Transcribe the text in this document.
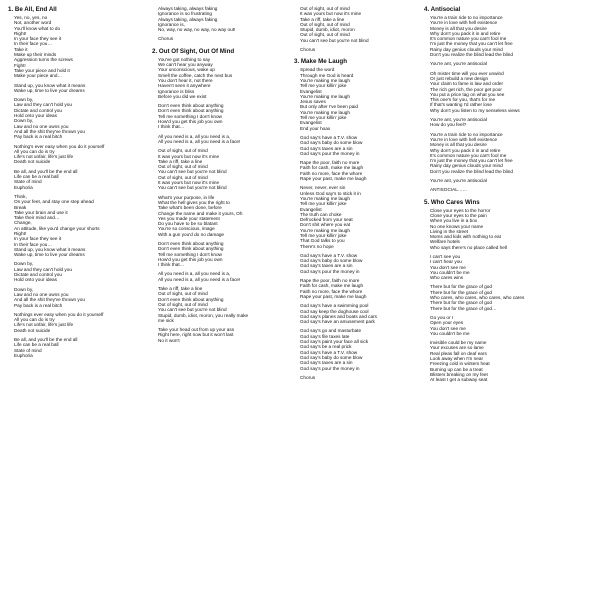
1. Be All, End All
Yes, no, yes, no
Not, another word
You'll know what to do
Right!
In your face they see it
In their face you…
Take it
Make up their minds
Aggression turns the screws
Fight!
Take your piece and hold it
Make your piece and…
Stand up, you know what it means
Wake up, time to live your dreams
Down by,
Law and they can't hold you
Dictate and control you
Hold onto your ideas
Down by,
Law and no one owns you
And all the shit they've thrown you
Pay back is a real bitch
Nothing's ever easy when you do it yourself
All you can do is try
Life's not unfair, life's just life
Death not suicide
Be all, and you'll be the end all
Life can be a real ball
State of mind
Euphoria
Think,
On your feet, and stay one step ahead
Break
Take your brain and use it
Take their mind and…
Change,
An attitude, like you'd change your shorts
Right!
In your face they see it
In their face you…
Stand up, you know what it means
Wake up, time to live your dreams
Down by,
Law and they can't hold you
Dictate and control you
Hold onto your ideas
Down by,
Law and no one owns you
And all the shit they've thrown you
Pay back is a real bitch
Nothings ever easy when you do it yourself
All you can do is try
Life's not unfair, life's just life
Death not suicide
Be all, and you'll be the end all
Life can be a real ball
State of mind
Euphoria
Always taking, always faking
Ignorance is so frustrating
Always taking, always faking
Ignorance is,
No, way, no way, no way, no way out!
Chorus
2. Out Of Sight, Out Of Mind
You've got nothing to say
We can't hear you anyway
Your unconscious, wake up
Smell the coffee, catch the next bus
You don't hear it, not there
Haven't seen it anywhere
Ignorance is bliss
Before you did we exist
Don't even think about anything
Don't even think about anything
Tell me something I don't know
How'd you get this job you own
I think that…
All you need is a, all you need is a,
All you need is a, all you need is a face!
Out of sight, out of mind
It was yours but now it's mine
Take a riff, take a line
Out of sight, out of mind
You can't see but you're not blind
Out of sight, out of mind
It was yours but now it's mine
You can't see but you're not blind
What's your purpose, in life
What the hell gives you the right to
Take what's been done, before
Change the name and make it yours, Oh
Yes you made your statement
Do you have to be so blatant
You're so conscious, image
With a gun you'd do no damage
Don't even think about anything
Don't even think about anything
Tell me something I don't know
How'd you get this job you own
I think that…
All you need is a, all you need is a,
All you need is a, all you need is a face!
Take a riff, take a line
Out of sight, out of mind
Don't even think about anything
Out of sight, out of mind
You can't see but you're not blind
Stupid, dumb, idiot, moron, you really make
me sick
Take your head out from up your ass
Right here, right now but it won't last
No it won't
Out of sight, out of mind
It was yours but now it's mine
Take a riff, take a line
Out of sight, out of mind
Stupid, dumb, idiot, moron
Out of sight, out of mind
You can't see but you're not blind
Chorus
3. Make Me Laugh
Spread the word
Through me God is heard
You're making me laugh
Tell me your killin' joke
Evangelist
You're making me laugh
Jesus saves
But only after I've been paid
You're making me laugh
Tell me your killin' joke
Evangelist
End your hoax
God say's have a T.V. show
God say's baby do some blow
God say's taxes are a sin
God say's pour the money in
Rape the poor, faith no more
Faith for cash, make me laugh
Faith no more, face the whore
Rape your past, make me laugh
Never, never, ever sin
Unless God say's to stick it in
You're making me laugh
Tell me your killin' joke
Evangelist
The truth can choke
Defrocked from your seat
Don't shit where you eat
You're making me laugh
Tell me your killin' joke
That God talks to you
There's no hope
God say's have a T.V. show
God say's baby do some blow
God say's taxes are a sin
God say's pour the money in
Rape the poor, faith no more
Faith for cash, make me laugh
Faith no more, face the whore
Rape your past, make me laugh
God say's have a swimming pool
God say keep the doghouse cool
God say's planes and boats and cars
God say's have an amusement park
God say's go and masturbate
God say's file taxes late
God say's paint your face all sick
God say's be a real prick
God say's have a T.V. show
God say's baby do some blow
God say's taxes are a sin
God say's pour the money in
Chorus
4. Antisocial
You're a train ride to no importance
You're in love with hell existence
Money is all that you desire
Why don't you pack it in and retire
It's common nature you can't fool me
I'm just the money that you can't let free
Rainy day genius clouds your mind
Don't you realize the blind lead the blind
You're ant, you're antisocial
Oh mister time will you ever unwind
Or just rebuild a new design
Your claim to fame is law and order
The rich get rich, the poor get poor
You put a price tag on what you see
This one's for you, that's for me
If that's wanting I'd rather lose
Why don't you listen to my senseless views
You're ant, you're antisocial
How do you feel?
You're a train ride to no importance
You're in love with hell existence
Money is all that you desire
Why don't you pack it in and retire
It's common nature you can't fool me
I'm just the money that you can't let free
Rainy day genius clouds your mind
Don't you realize the blind lead the blind
You're ant, you're antisocial
ANTISOCIAL……
5. Who Cares Wins
Close your eyes to the horror
Close your eyes to the pain
When you live in a box
No one knows your name
Living in the street
Moms and kids with nothing to eat
Welfare hotels
Who says there's no place called hell
I can't see you
I can't hear you
You don't see me
You couldn't be me
Who cares wins
There but for the grace of god
There but for the grace of god
Who cares, who cares, who cares, who cares
There but for the grace of god
There but for the grace of god…
Go you or I
Open your eyes
You don't see me
You couldn't be me
Invisible could be my name
Your excuses are so lame
Real pleas fall on deaf ears
Look away when I'm near
Freezing cold in winters heat
Burning up can be a treat
Blisters breaking on my feet
At least I get a subway seat
